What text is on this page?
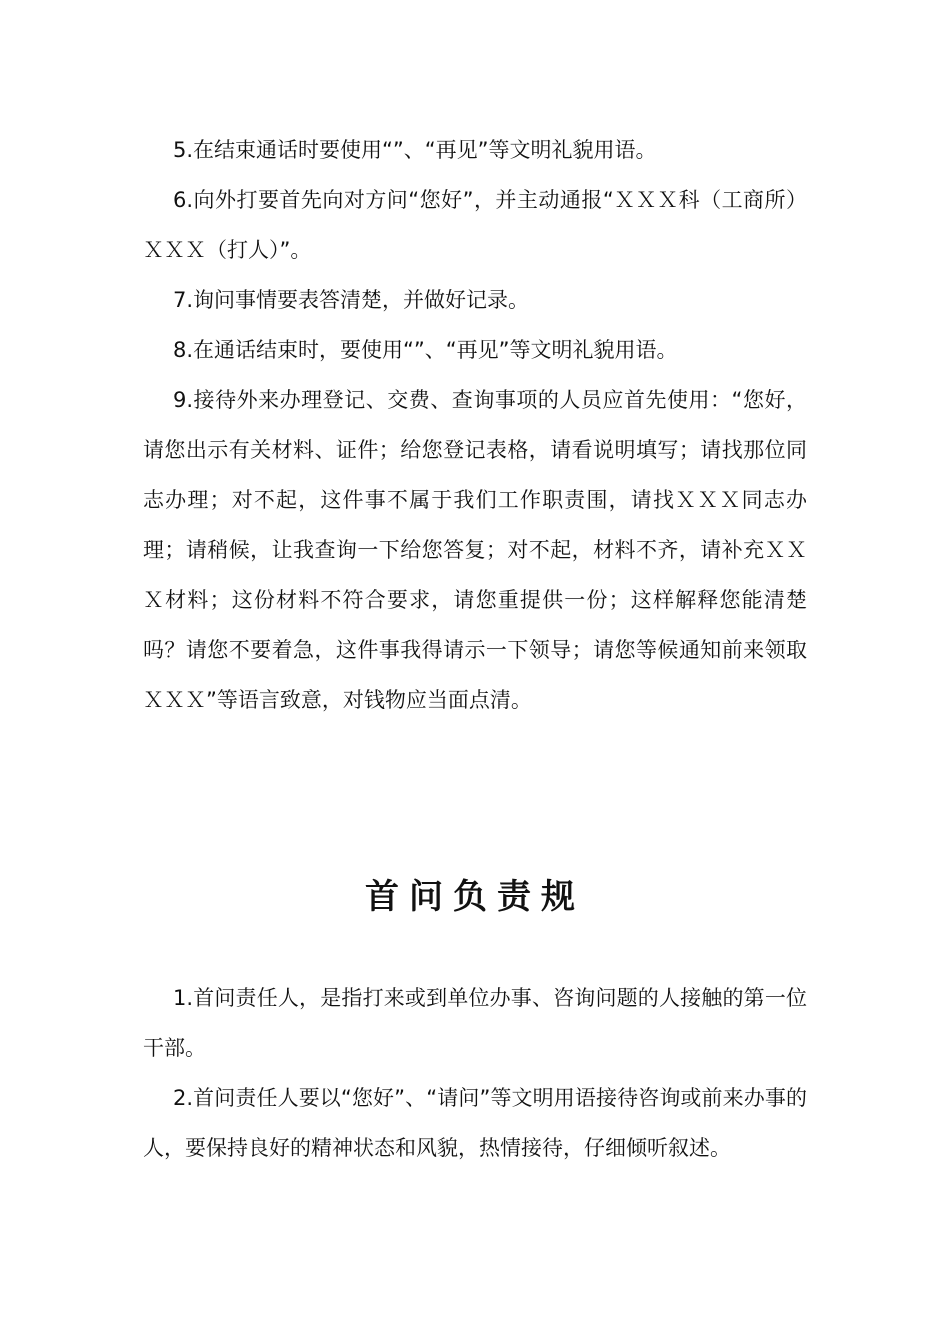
5.在结束通话时要使用“”、“再见”等文明礼貌用语。

6.向外打要首先向对方问“您好”，并主动通报“ＸＸＸ科（工商所）ＸＸＸ（打人）”。

7.询问事情要表答清楚，并做好记录。

8.在通话结束时，要使用“”、“再见”等文明礼貌用语。

9.接待外来办理登记、交费、查询事项的人员应首先使用：“您好，请您出示有关材料、证件；给您登记表格，请看说明填写；请找那位同志办理；对不起，这件事不属于我们工作职责围，请找ＸＸＸ同志办理；请稍候，让我查询一下给您答复；对不起，材料不齐，请补充ＸＸＸ材料；这份材料不符合要求，请您重提供一份；这样解释您能清楚吗？请您不要着急，这件事我得请示一下领导；请您等候通知前来领取ＸＸＸ”等语言致意，对钱物应当面点清。

首问负责规

1.首问责任人，是指打来或到单位办事、咨询问题的人接触的第一位干部。

2.首问责任人要以“您好”、“请问”等文明用语接待咨询或前来办事的人，要保持良好的精神状态和风貌，热情接待，仔细倾听叙述。
